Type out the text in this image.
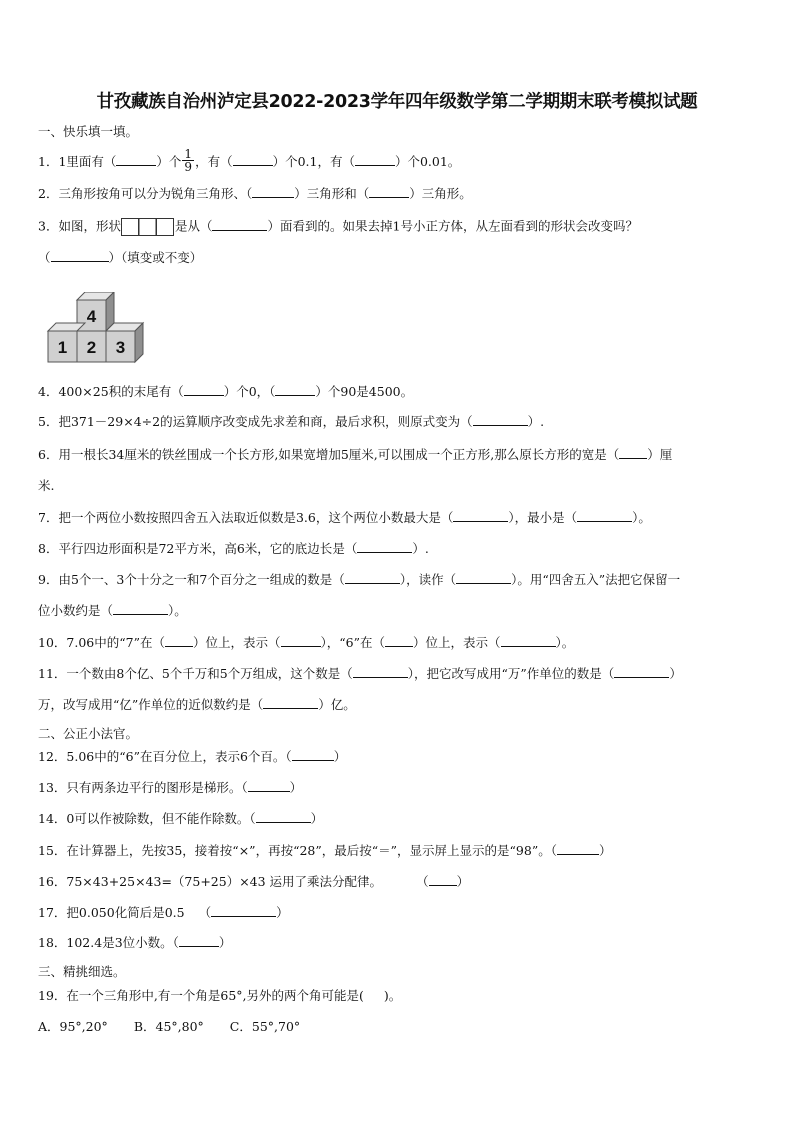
甘孜藏族自治州泸定县2022-2023学年四年级数学第二学期期末联考模拟试题
一、快乐填一填。
1．1里面有（	）个 $\frac{1}{9}$ ，有（	）个0.1，有（	）个0.01。
2．三角形按角可以分为锐角三角形、（	）三角形和（	）三角形。
3．如图，形状	是从（	）面看到的。如果去掉1号小正方体，从左面看到的形状会改变吗？
（	）（填变或不变）
4
3
1 2
4．400×25积的末尾有（	）个0，（	）个90是4500。
5．把371－29×4÷2的运算顺序改变成先求差和商，最后求积，则原式变为（	）.
6．用一根长34厘米的铁丝围成一个长方形,如果宽增加5厘米,可以围成一个正方形,那么原长方形的宽是（ ）厘
米.
7．把一个两位小数按照四舍五入法取近似数是3.6，这个两位小数最大是（	），最小是（	）。
8．平行四边形面积是72平方米，高6米，它的底边长是（	）.
9．由5个一、3个十分之一和7个百分之一组成的数是（	），读作（	）。用“四舍五入”法把它保留一
位小数约是（	）。
10．7.06中的“7”在（ ）位上，表示（	），“6”在（ ）位上，表示（	）。
11．一个数由8个亿、5个千万和5个万组成，这个数是（	），把它改写成用“万”作单位的数是（	）
万，改写成用“亿”作单位的近似数约是（	）亿。
二、公正小法官。
12．5.06中的“6”在百分位上，表示6个百。（	）
13．只有两条边平行的图形是梯形。（	）
14．0可以作被除数，但不能作除数。（	）
15．在计算器上，先按35，接着按“×”，再按“28”，最后按“＝”，显示屏上显示的是“98”。（	）
16．75×43+25×43=（75+25）×43 运用了乘法分配律。	（ ）
17．把0.050化简后是0.5 （	）
18．102.4是3位小数。（	）
三、精挑细选。
19．在一个三角形中,有一个角是65°,另外的两个角可能是( )。
A．95°,20° B．45°,80° C．55°,70°
